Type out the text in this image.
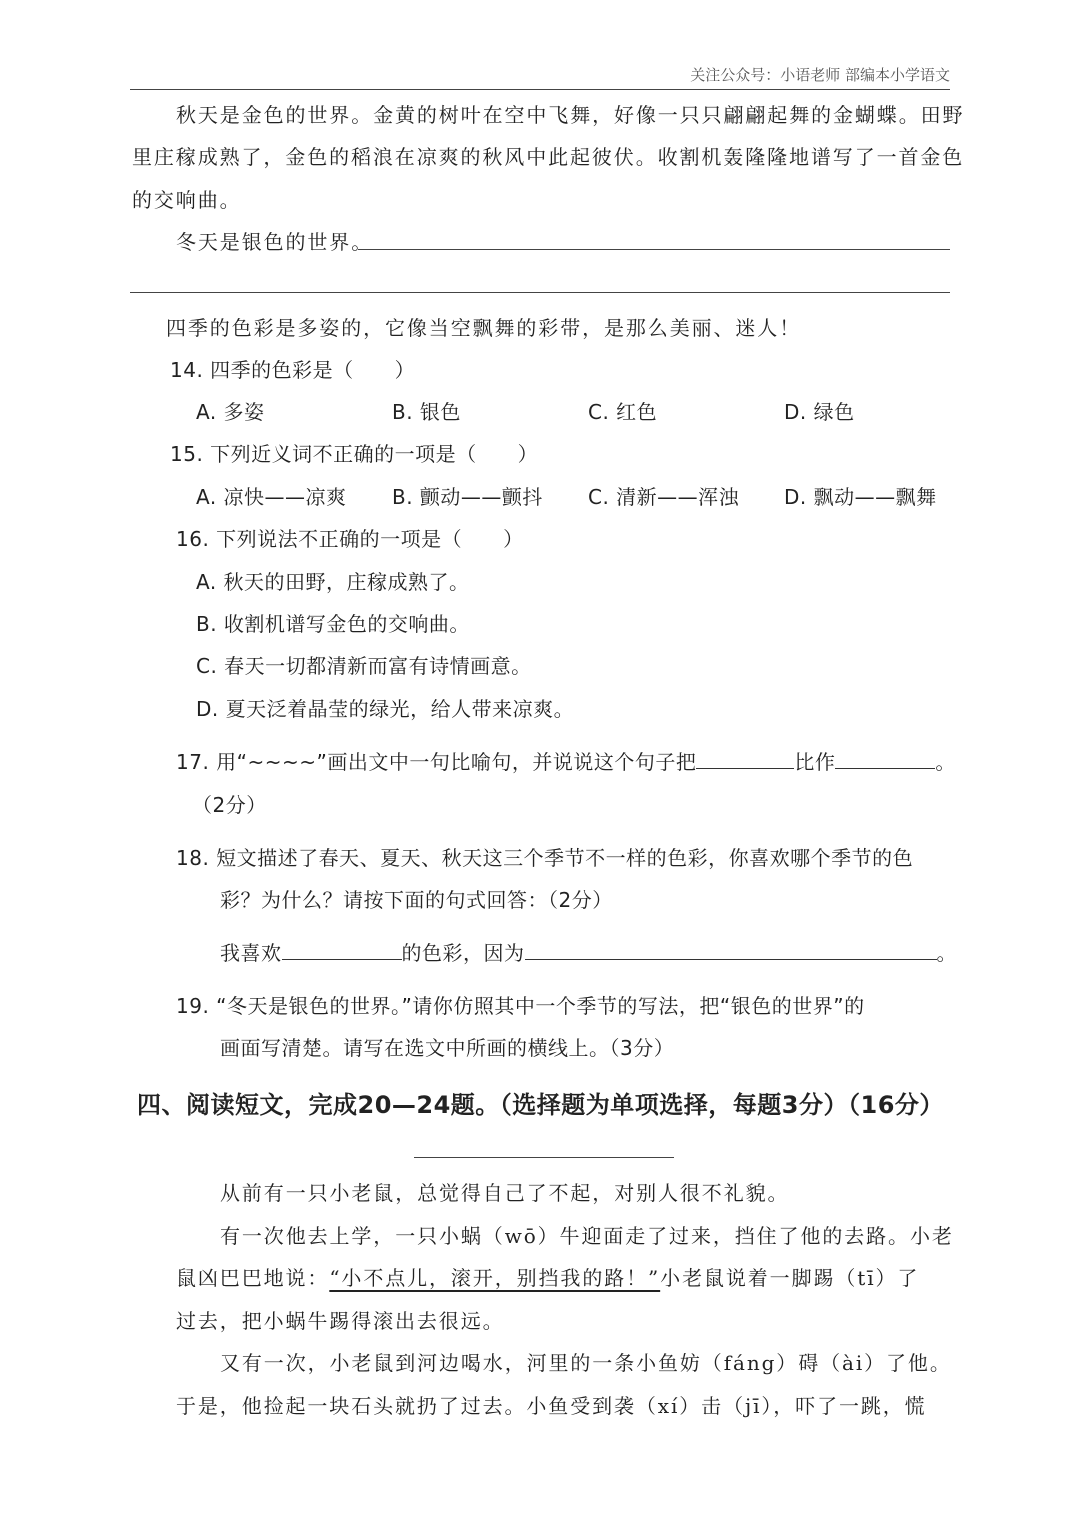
关注公众号：小语老师 部编本小学语文
秋天是金色的世界。金黄的树叶在空中飞舞，好像一只只翩翩起舞的金蝴蝶。田野
里庄稼成熟了，金色的稻浪在凉爽的秋风中此起彼伏。收割机轰隆隆地谱写了一首金色
的交响曲。
冬天是银色的世界。
四季的色彩是多姿的，它像当空飘舞的彩带，是那么美丽、迷人！
14. 四季的色彩是（　　）
A. 多姿	B. 银色	C. 红色	D. 绿色
15. 下列近义词不正确的一项是（　　）
A. 凉快——凉爽 B. 颤动——颤抖 C. 清新——浑浊 D. 飘动——飘舞
16. 下列说法不正确的一项是（　　）
A. 秋天的田野，庄稼成熟了。
B. 收割机谱写金色的交响曲。
C. 春天一切都清新而富有诗情画意。
D. 夏天泛着晶莹的绿光，给人带来凉爽。
17. 用“~~~~”画出文中一句比喻句，并说说这个句子把	比作	。
（2分）
18. 短文描述了春天、夏天、秋天这三个季节不一样的色彩，你喜欢哪个季节的色
彩？为什么？请按下面的句式回答：（2分）
我喜欢	的色彩，因为	。
19. “冬天是银色的世界。”请你仿照其中一个季节的写法，把“银色的世界”的
画面写清楚。请写在选文中所画的横线上。（3分）
四、阅读短文，完成20—24题。（选择题为单项选择，每题3分）（16分）
从前有一只小老鼠，总觉得自己了不起，对别人很不礼貌。
有一次他去上学，一只小蜗（wō）牛迎面走了过来，挡住了他的去路。小老
鼠凶巴巴地说：“小不点儿，滚开，别挡我的路！”小老鼠说着一脚踢（tī）了
过去，把小蜗牛踢得滚出去很远。
又有一次，小老鼠到河边喝水，河里的一条小鱼妨（fáng）碍（ài）了他。
于是，他捡起一块石头就扔了过去。小鱼受到袭（xí）击（jī），吓了一跳，慌
